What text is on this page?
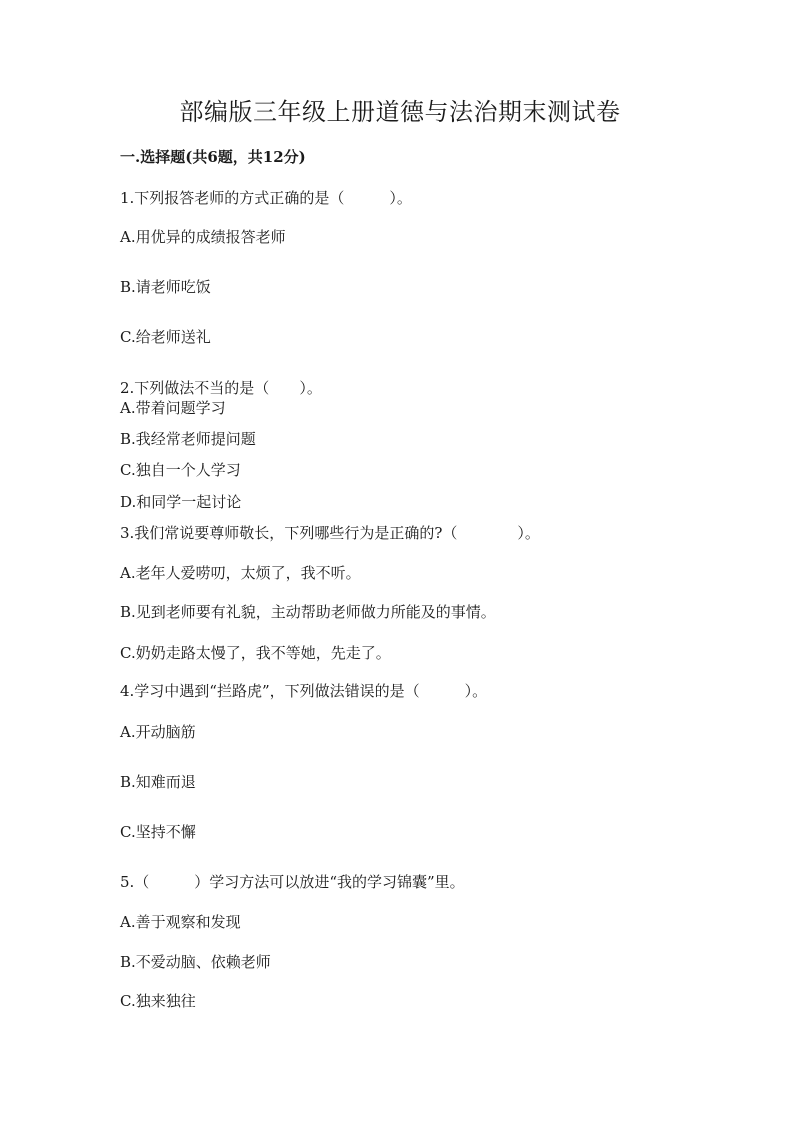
部编版三年级上册道德与法治期末测试卷
一.选择题(共6题，共12分)
1.下列报答老师的方式正确的是（　　　）。
A.用优异的成绩报答老师
B.请老师吃饭
C.给老师送礼
2.下列做法不当的是（　　）。
A.带着问题学习
B.我经常老师提问题
C.独自一个人学习
D.和同学一起讨论
3.我们常说要尊师敬长，下列哪些行为是正确的?（　　　　）。
A.老年人爱唠叨，太烦了，我不听。
B.见到老师要有礼貌，主动帮助老师做力所能及的事情。
C.奶奶走路太慢了，我不等她，先走了。
4.学习中遇到“拦路虎”，下列做法错误的是（　　　）。
A.开动脑筋
B.知难而退
C.坚持不懈
5.（　　　）学习方法可以放进“我的学习锦囊”里。
A.善于观察和发现
B.不爱动脑、依赖老师
C.独来独往
